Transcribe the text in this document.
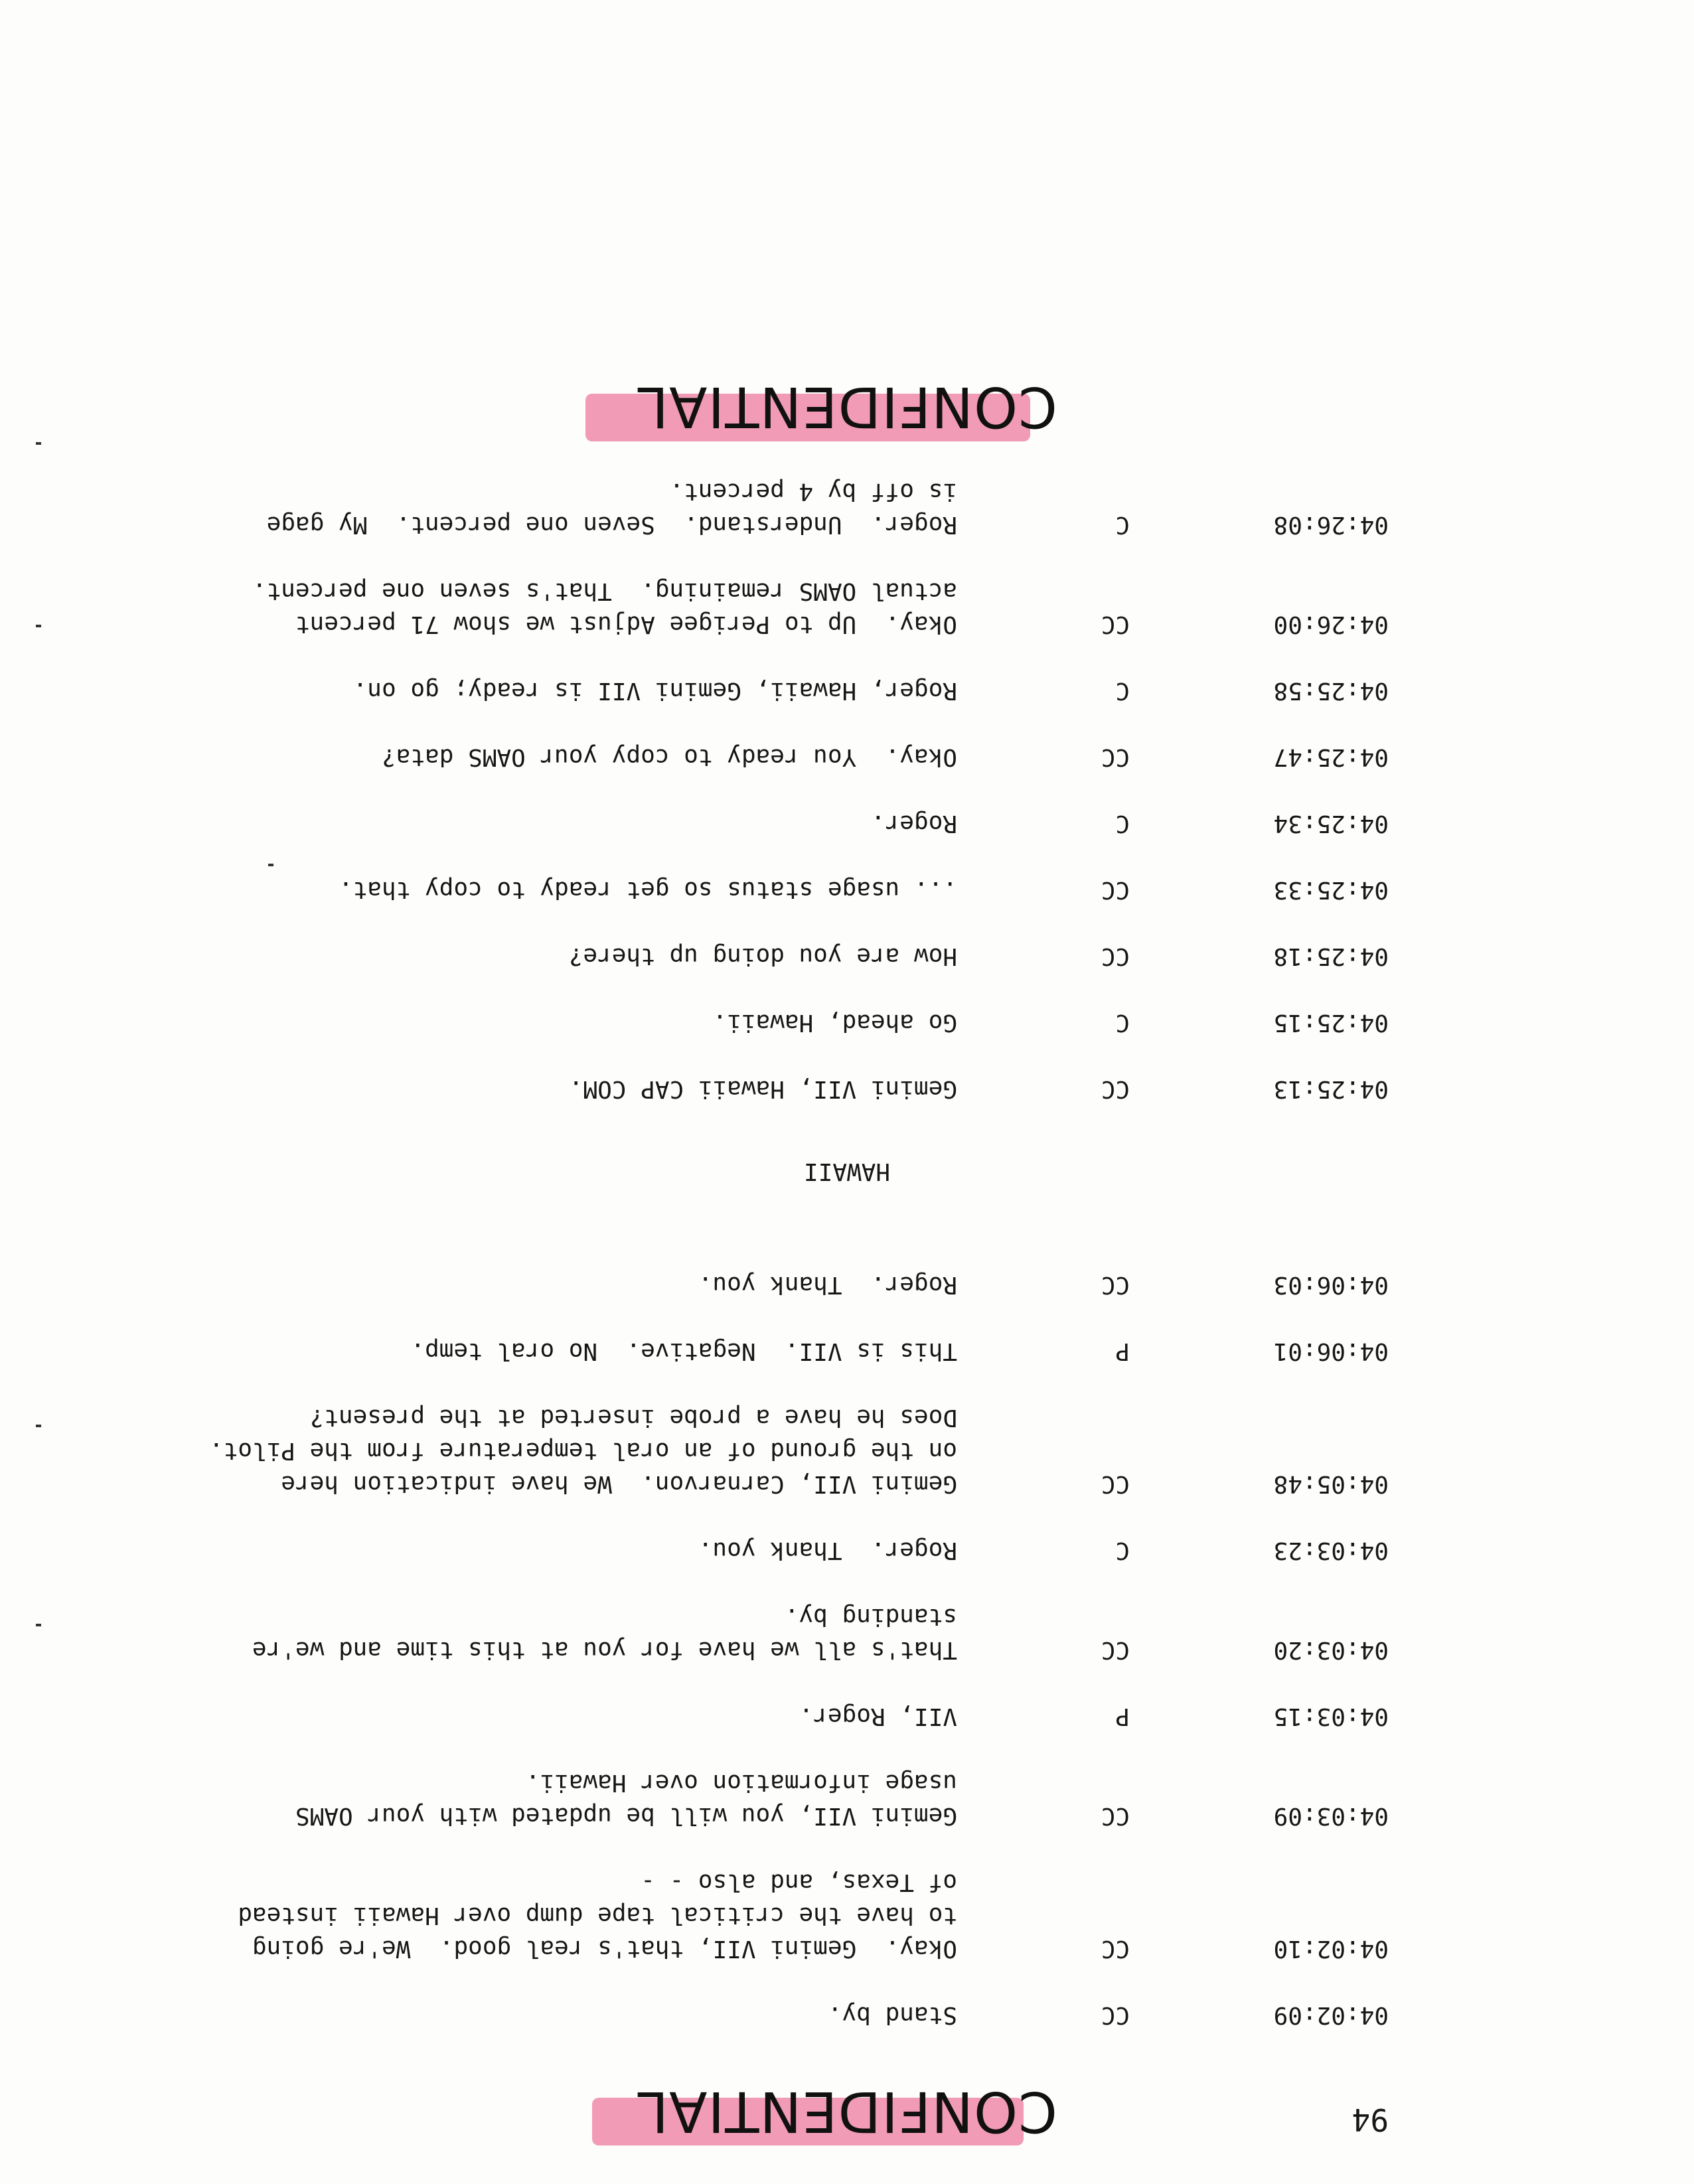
CONFIDENTIAL	94
04:02:09
CC
Stand by.
04:02:10
CC
Okay.  Gemini VII, that's real good.  We're going
to have the critical tape dump over Hawaii instead
of Texas, and also - -
04:03:09
CC
Gemini VII, you will be updated with your OAMS
usage information over Hawaii.
04:03:15
P
VII, Roger.
04:03:20
CC
That's all we have for you at this time and we're
standing by.
04:03:23
C
Roger.  Thank you.
04:05:48
CC
Gemini VII, Carnarvon.  We have indication here
on the ground of an oral temperature from the Pilot.
Does he have a probe inserted at the present?
04:06:01
P
This is VII.  Negative.  No oral temp.
04:06:03
CC
Roger.  Thank you.
HAWAII
04:25:13
CC
Gemini VII, Hawaii CAP COM.
04:25:15
C
Go ahead, Hawaii.
04:25:18
CC
How are you doing up there?
04:25:33
CC
... usage status so get ready to copy that.
04:25:34
C
Roger.
04:25:47
CC
Okay.  You ready to copy your OAMS data?
04:25:58
C
Roger, Hawaii, Gemini VII is ready; go on.
04:26:00
CC
Okay.  Up to Perigee Adjust we show 71 percent
actual OAMS remaining.  That's seven one percent.
04:26:08
C
Roger.  Understand.  Seven one percent.  My gage
is off by 4 percent.
CONFIDENTIAL
